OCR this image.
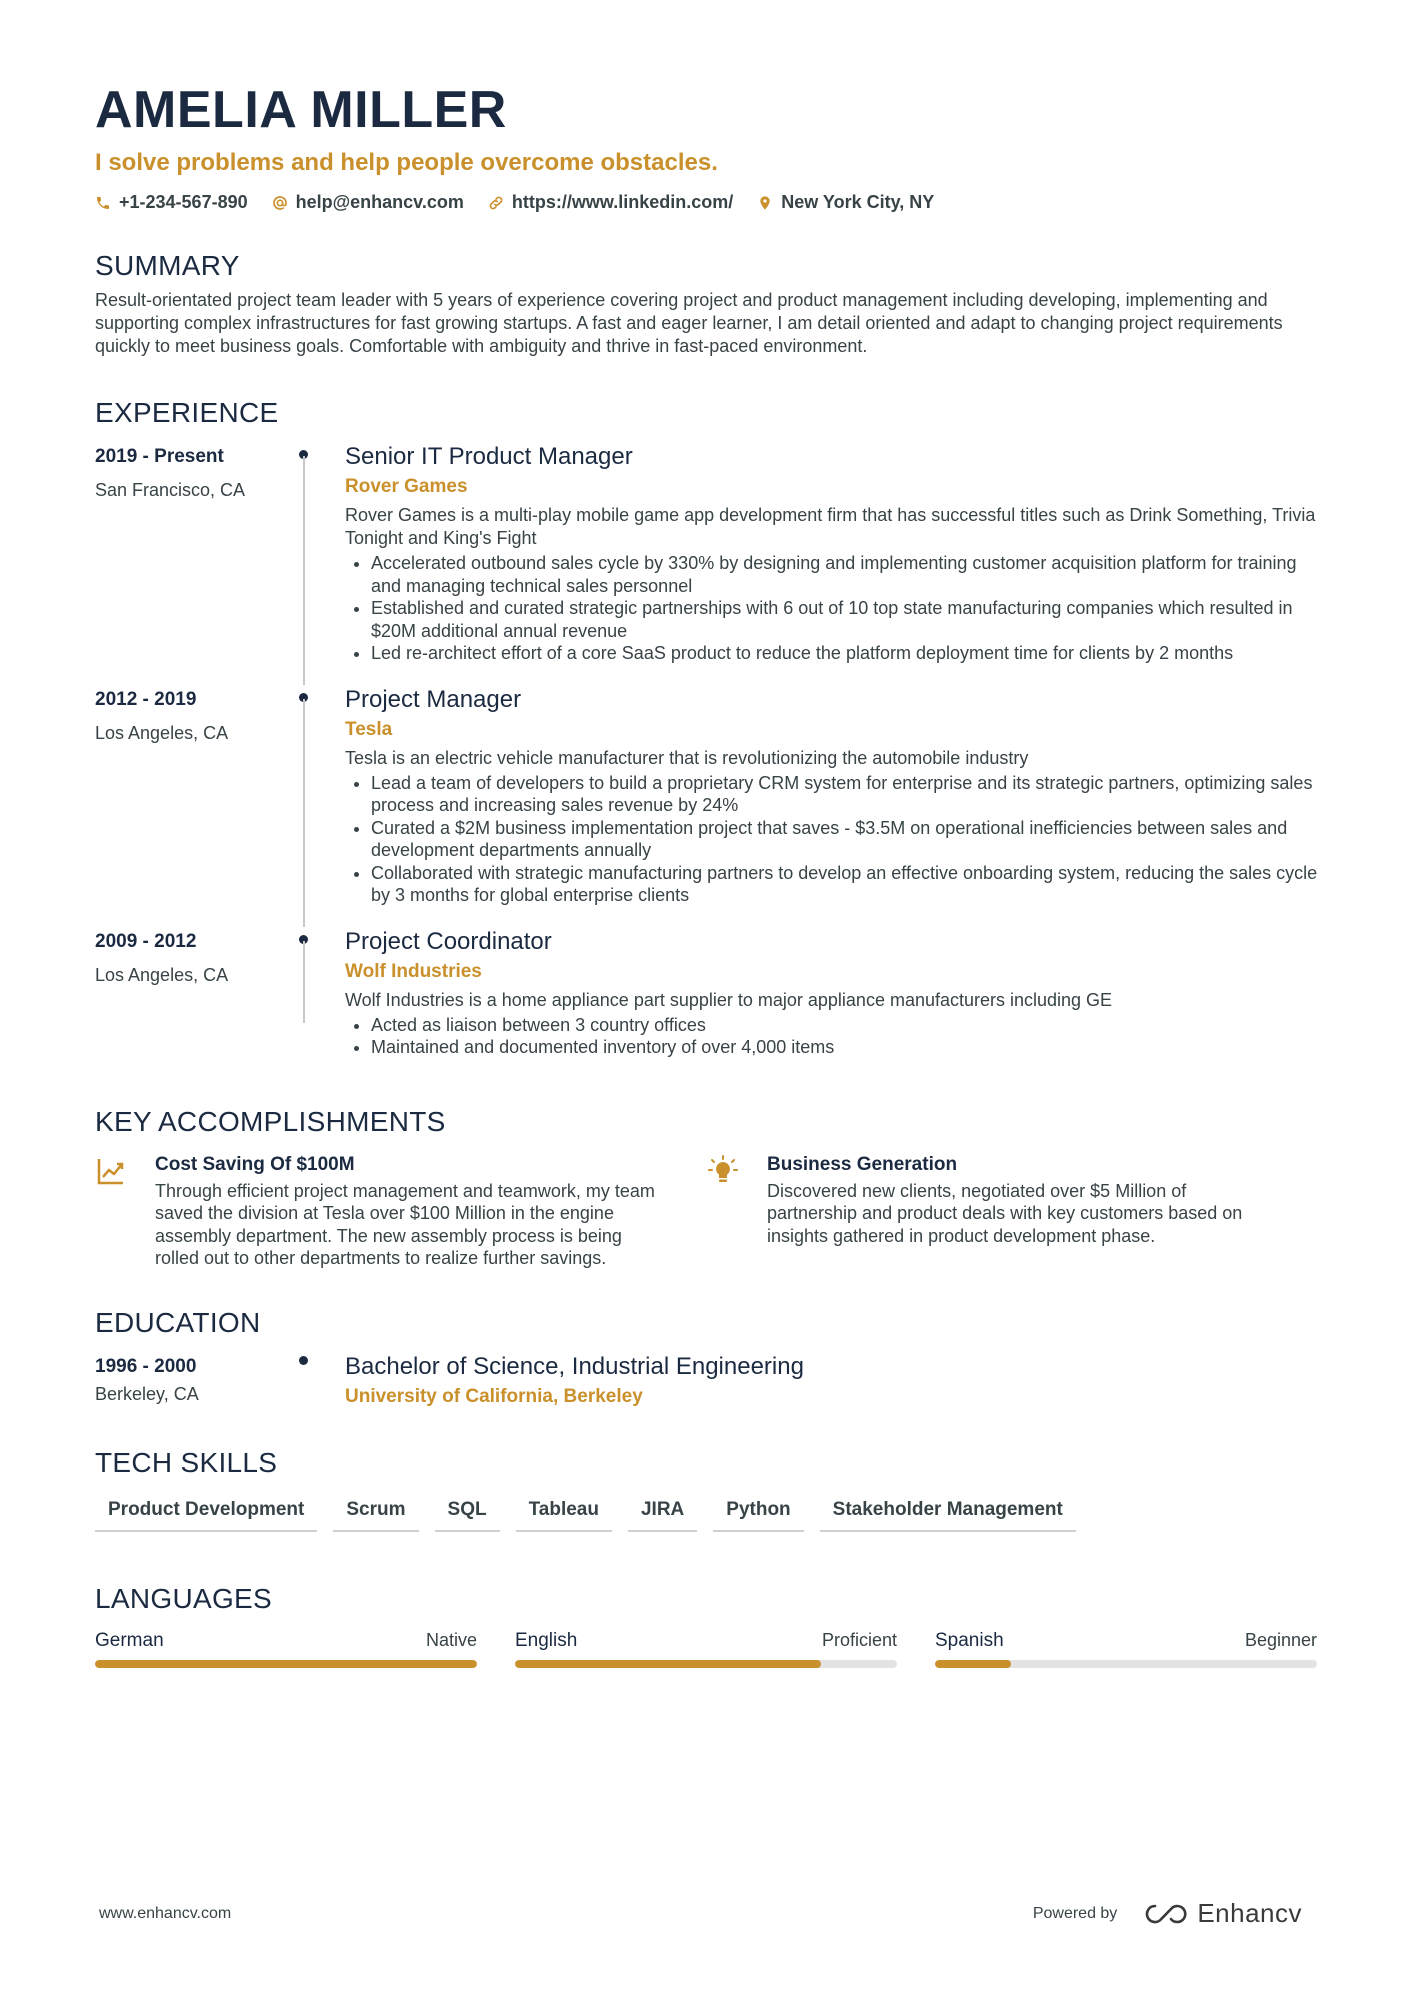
AMELIA MILLER
I solve problems and help people overcome obstacles.
+1-234-567-890	help@enhancv.com	https://www.linkedin.com/	New York City, NY
SUMMARY

Result-orientated project team leader with 5 years of experience covering project and product management including developing, implementing and supporting complex infrastructures for fast growing startups. A fast and eager learner, I am detail oriented and adapt to changing project requirements quickly to meet business goals. Comfortable with ambiguity and thrive in fast-paced environment.

EXPERIENCE
2019 - Present
San Francisco, CA
Senior IT Product Manager
Rover Games
Rover Games is a multi-play mobile game app development firm that has successful titles such as Drink Something, Trivia Tonight and King's Fight
• Accelerated outbound sales cycle by 330% by designing and implementing customer acquisition platform for training and managing technical sales personnel
• Established and curated strategic partnerships with 6 out of 10 top state manufacturing companies which resulted in $20M additional annual revenue
• Led re-architect effort of a core SaaS product to reduce the platform deployment time for clients by 2 months
2012 - 2019
Los Angeles, CA
Project Manager
Tesla
Tesla is an electric vehicle manufacturer that is revolutionizing the automobile industry
• Lead a team of developers to build a proprietary CRM system for enterprise and its strategic partners, optimizing sales process and increasing sales revenue by 24%
• Curated a $2M business implementation project that saves - $3.5M on operational inefficiencies between sales and development departments annually
• Collaborated with strategic manufacturing partners to develop an effective onboarding system, reducing the sales cycle by 3 months for global enterprise clients
2009 - 2012
Los Angeles, CA
Project Coordinator
Wolf Industries
Wolf Industries is a home appliance part supplier to major appliance manufacturers including GE
• Acted as liaison between 3 country offices
• Maintained and documented inventory of over 4,000 items
KEY ACCOMPLISHMENTS
Cost Saving Of $100M
Through efficient project management and teamwork, my team saved the division at Tesla over $100 Million in the engine assembly department. The new assembly process is being rolled out to other departments to realize further savings.
Business Generation
Discovered new clients, negotiated over $5 Million of partnership and product deals with key customers based on insights gathered in product development phase.
EDUCATION
1996 - 2000
Berkeley, CA
Bachelor of Science, Industrial Engineering
University of California, Berkeley
TECH SKILLS
Product Development	Scrum	SQL	Tableau	JIRA	Python	Stakeholder Management
LANGUAGES
German	Native English	Proficient Spanish	Beginner
www.enhancv.com	Powered by	Enhancv
